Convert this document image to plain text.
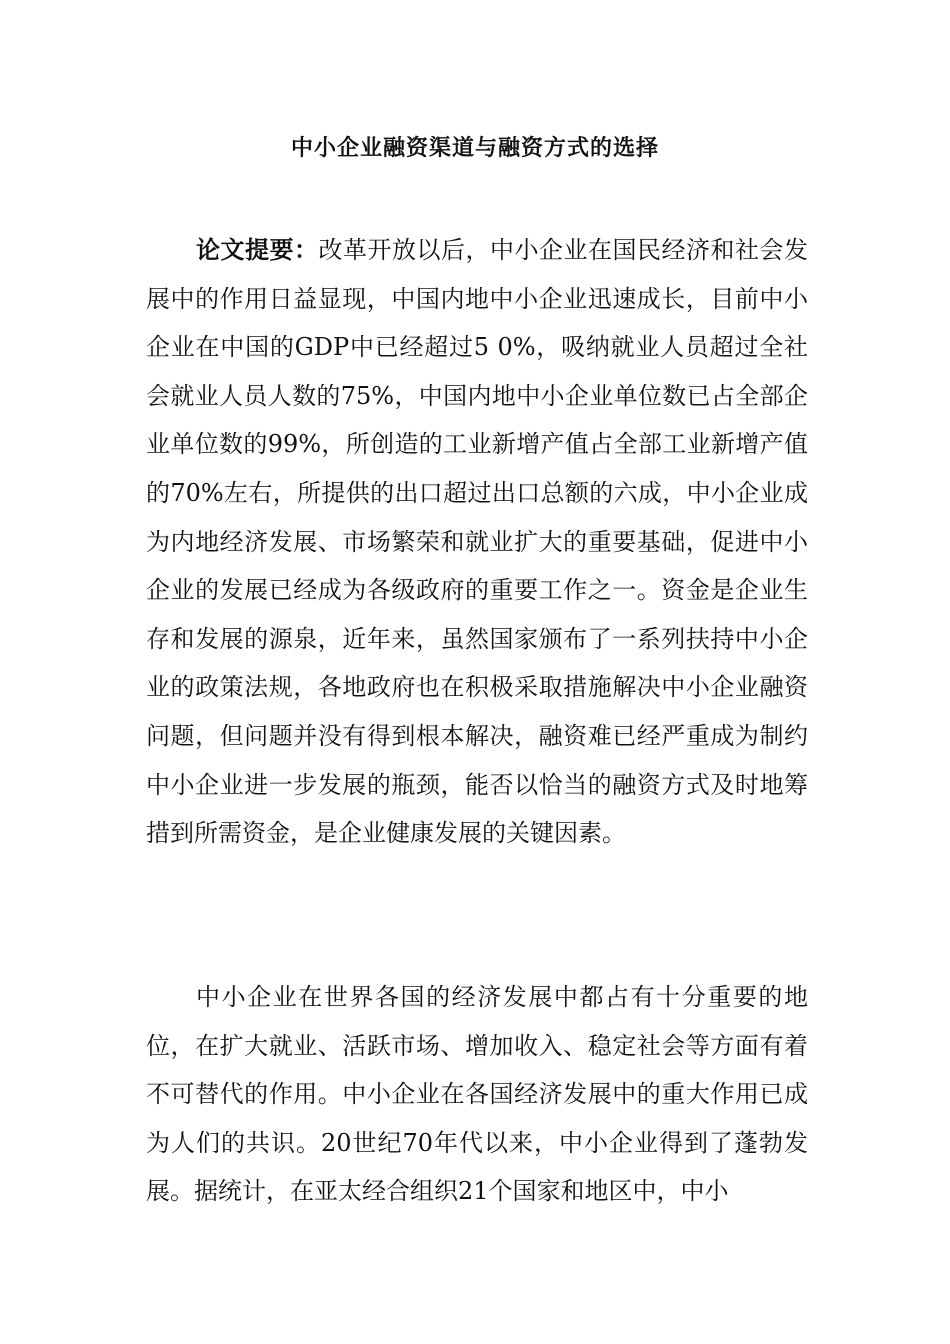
中小企业融资渠道与融资方式的选择

论文提要：改革开放以后，中小企业在国民经济和社会发展中的作用日益显现，中国内地中小企业迅速成长，目前中小企业在中国的GDP中已经超过5 0%，吸纳就业人员超过全社会就业人员人数的75%，中国内地中小企业单位数已占全部企业单位数的99%，所创造的工业新增产值占全部工业新增产值的70%左右，所提供的出口超过出口总额的六成，中小企业成为内地经济发展、市场繁荣和就业扩大的重要基础，促进中小企业的发展已经成为各级政府的重要工作之一。资金是企业生存和发展的源泉，近年来，虽然国家颁布了一系列扶持中小企业的政策法规，各地政府也在积极采取措施解决中小企业融资问题，但问题并没有得到根本解决，融资难已经严重成为制约中小企业进一步发展的瓶颈，能否以恰当的融资方式及时地筹措到所需资金，是企业健康发展的关键因素。

中小企业在世界各国的经济发展中都占有十分重要的地位，在扩大就业、活跃市场、增加收入、稳定社会等方面有着不可替代的作用。中小企业在各国经济发展中的重大作用已成为人们的共识。20世纪70年代以来，中小企业得到了蓬勃发展。据统计，在亚太经合组织21个国家和地区中，中小
